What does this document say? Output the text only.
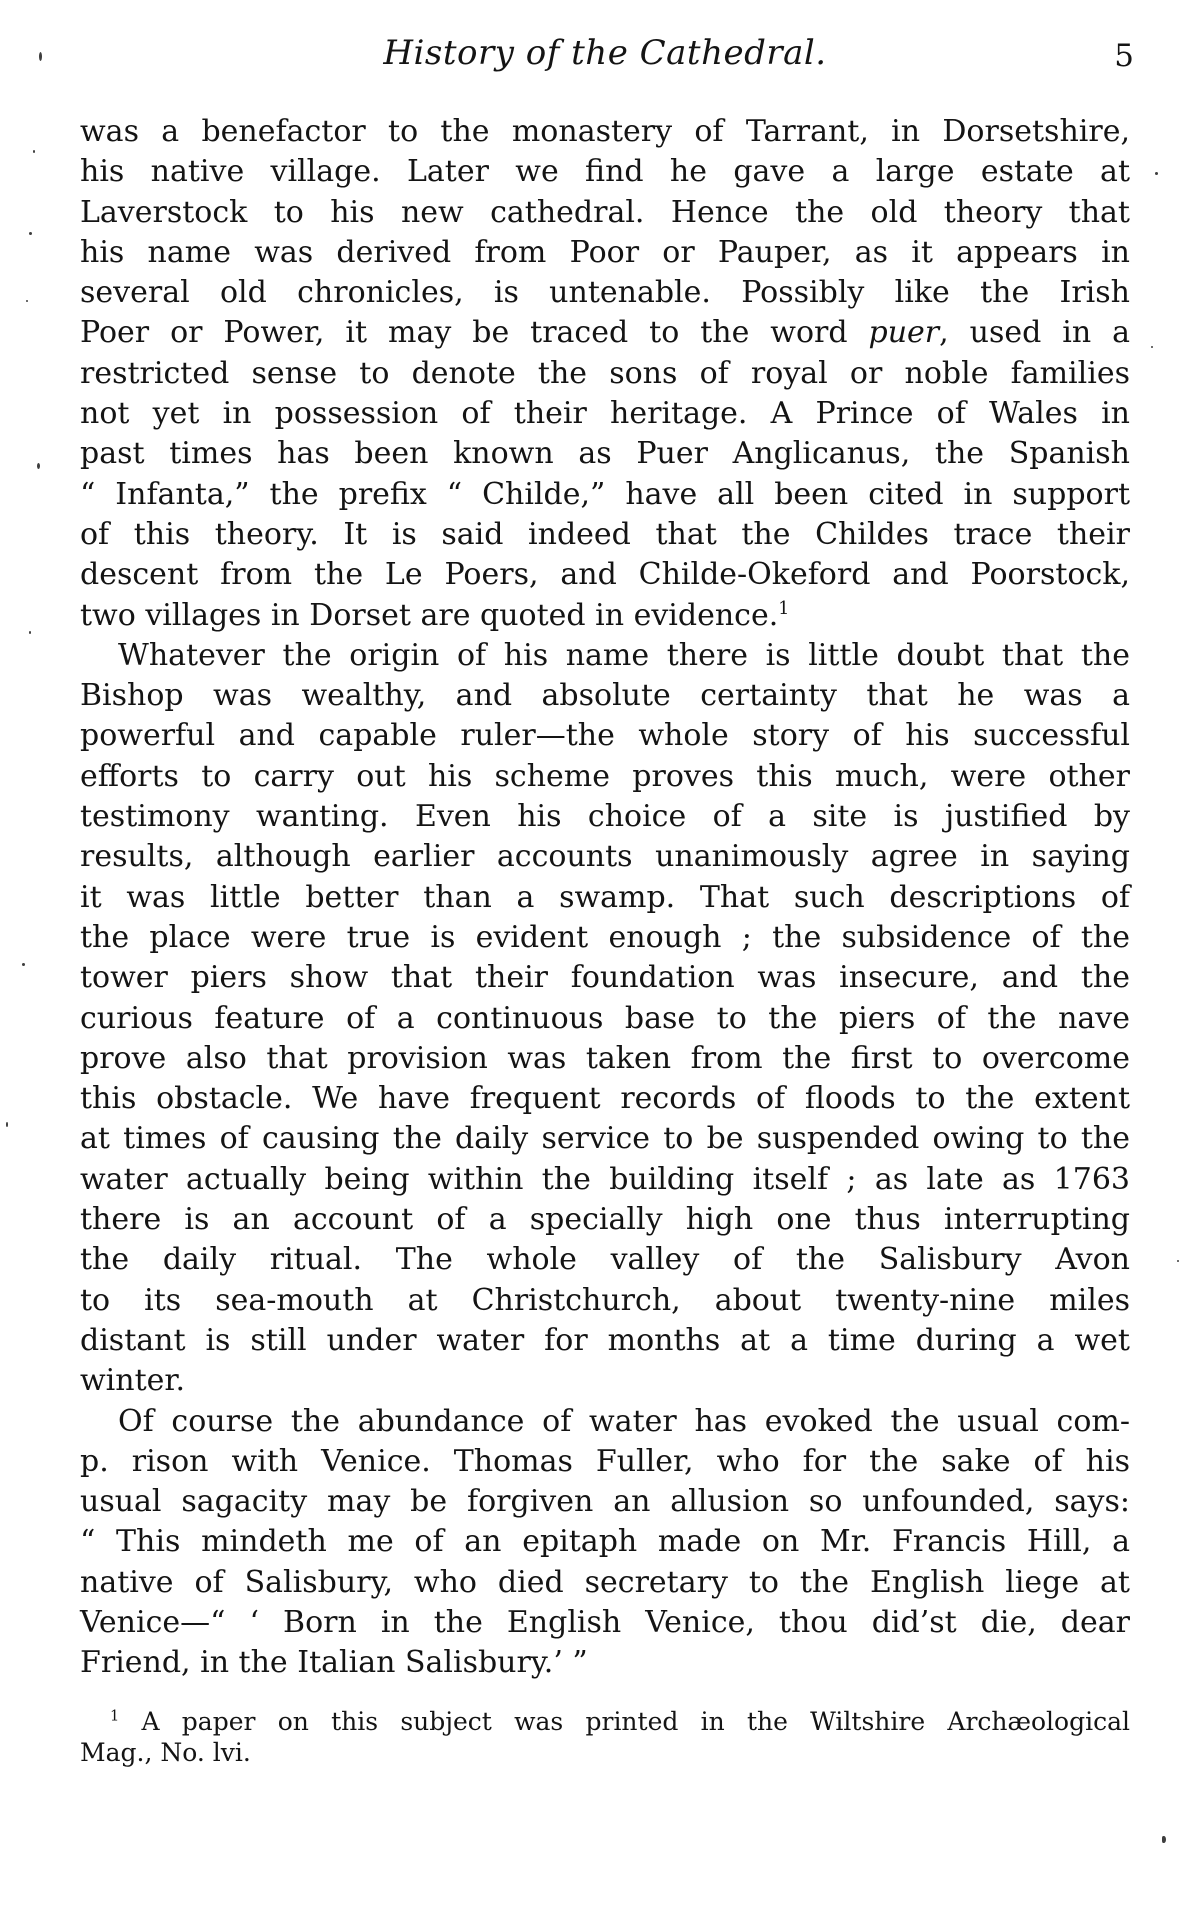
History of the Cathedral.	5
was a benefactor to the monastery of Tarrant, in Dorsetshire,
his native village. Later we find he gave a large estate at
Laverstock to his new cathedral. Hence the old theory that
his name was derived from Poor or Pauper, as it appears in
several old chronicles, is untenable. Possibly like the Irish
Poer or Power, it may be traced to the word puer, used in a
restricted sense to denote the sons of royal or noble families
not yet in possession of their heritage. A Prince of Wales in
past times has been known as Puer Anglicanus, the Spanish
“ Infanta,” the prefix “ Childe,” have all been cited in support
of this theory. It is said indeed that the Childes trace their
descent from the Le Poers, and Childe-Okeford and Poorstock,
two villages in Dorset are quoted in evidence.$^1$
Whatever the origin of his name there is little doubt that the
Bishop was wealthy, and absolute certainty that he was a
powerful and capable ruler—the whole story of his successful
efforts to carry out his scheme proves this much, were other
testimony wanting. Even his choice of a site is justified by
results, although earlier accounts unanimously agree in saying
it was little better than a swamp. That such descriptions of
the place were true is evident enough ; the subsidence of the
tower piers show that their foundation was insecure, and the
curious feature of a continuous base to the piers of the nave
prove also that provision was taken from the first to overcome
this obstacle. We have frequent records of floods to the extent
at times of causing the daily service to be suspended owing to the
water actually being within the building itself ; as late as 1763
there is an account of a specially high one thus interrupting
the daily ritual. The whole valley of the Salisbury Avon
to its sea-mouth at Christchurch, about twenty-nine miles
distant is still under water for months at a time during a wet
winter.
Of course the abundance of water has evoked the usual com-
p. rison with Venice. Thomas Fuller, who for the sake of his
usual sagacity may be forgiven an allusion so unfounded, says:
“ This mindeth me of an epitaph made on Mr. Francis Hill, a
native of Salisbury, who died secretary to the English liege at
Venice—“ ‘ Born in the English Venice, thou did’st die, dear
Friend, in the Italian Salisbury.’ ”
$^1$ A paper on this subject was printed in the Wiltshire Archæological
Mag., No. lvi.
